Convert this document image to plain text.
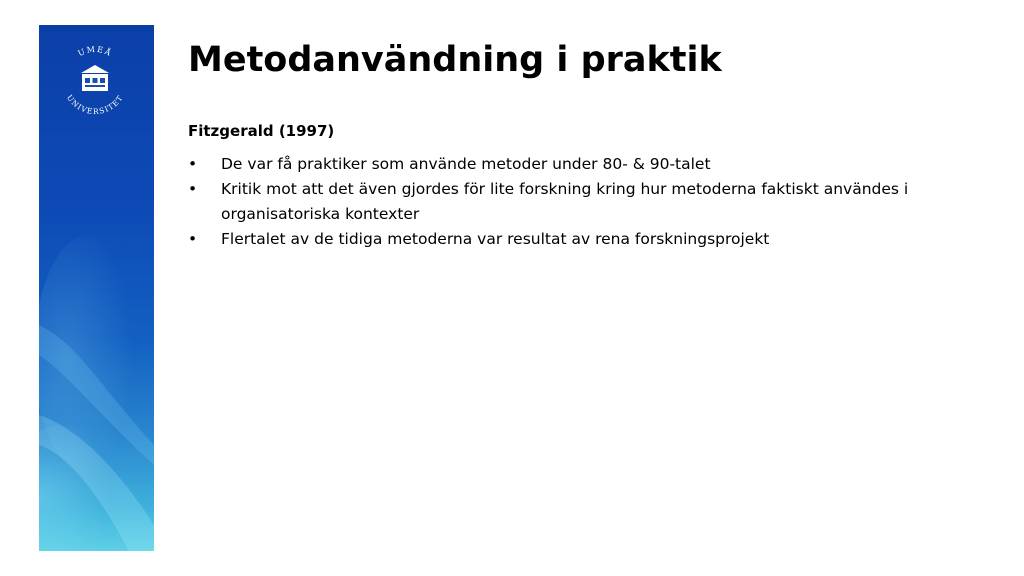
UMEÅ
UNIVERSITET
Metodanvändning i praktik

Fitzgerald (1997)

• De var få praktiker som använde metoder under 80- & 90-talet
• Kritik mot att det även gjordes för lite forskning kring hur metoderna faktiskt användes i organisatoriska kontexter
• Flertalet av de tidiga metoderna var resultat av rena forskningsprojekt
